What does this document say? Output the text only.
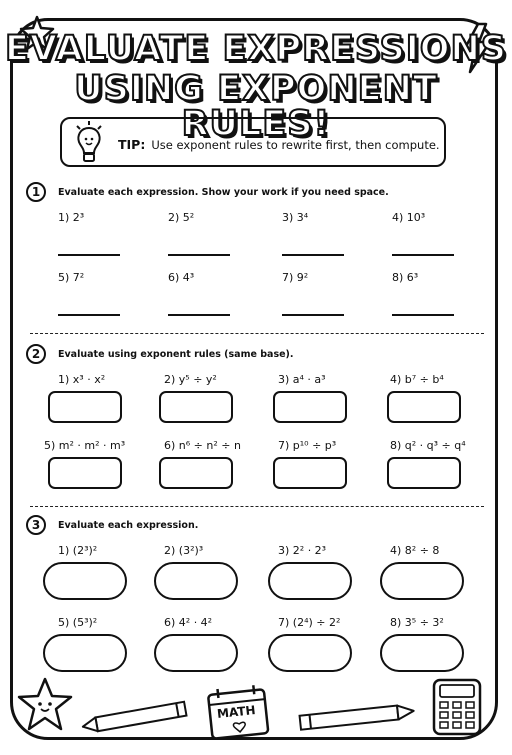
EVALUATE EXPRESSIONS
USING EXPONENT RULES!
TIP: Use exponent rules to rewrite first, then compute.
1	Evaluate each expression. Show your work if you need space.
1) 2³	2) 5²	3) 3⁴	4) 10³
5) 7²	6) 4³	7) 9²	8) 6³
2	Evaluate using exponent rules (same base).
1) x³ · x²	2) y⁵ ÷ y²	3) a⁴ · a³	4) b⁷ ÷ b⁴
5) m² · m² · m³	6) n⁶ ÷ n² ÷ n	7) p¹⁰ ÷ p³	8) q² · q³ ÷ q⁴
3	Evaluate each expression.
1) (2³)²	2) (3²)³	3) 2² · 2³	4) 8² ÷ 8
5) (5³)²	6) 4² · 4²	7) (2⁴) ÷ 2²	8) 3⁵ ÷ 3²
MATH
